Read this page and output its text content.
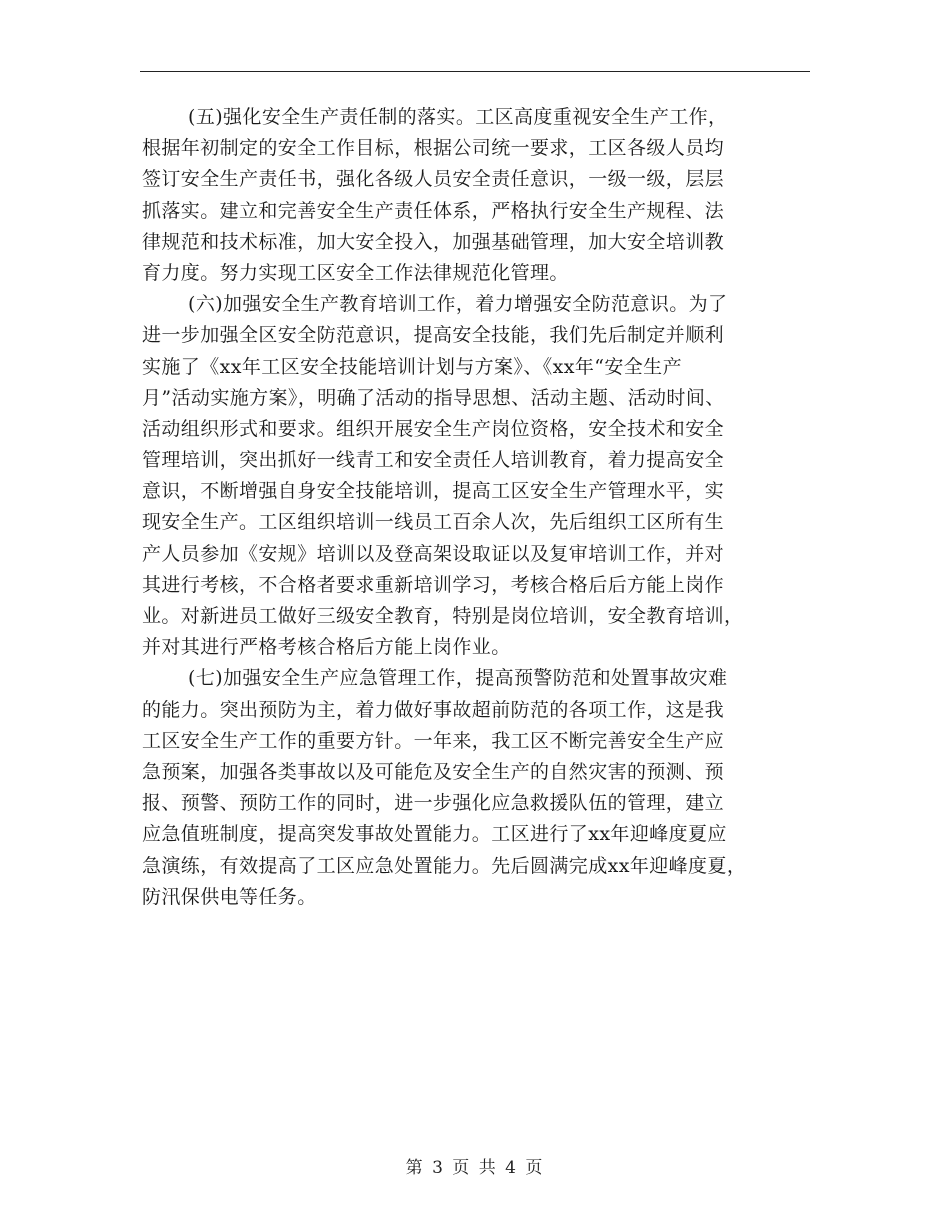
(五)强化安全生产责任制的落实。工区高度重视安全生产工作，
根据年初制定的安全工作目标，根据公司统一要求，工区各级人员均
签订安全生产责任书，强化各级人员安全责任意识，一级一级，层层
抓落实。建立和完善安全生产责任体系，严格执行安全生产规程、法
律规范和技术标准，加大安全投入，加强基础管理，加大安全培训教
育力度。努力实现工区安全工作法律规范化管理。
(六)加强安全生产教育培训工作，着力增强安全防范意识。为了
进一步加强全区安全防范意识，提高安全技能，我们先后制定并顺利
实施了《xx年工区安全技能培训计划与方案》、《xx年“安全生产
月”活动实施方案》，明确了活动的指导思想、活动主题、活动时间、
活动组织形式和要求。组织开展安全生产岗位资格，安全技术和安全
管理培训，突出抓好一线青工和安全责任人培训教育，着力提高安全
意识，不断增强自身安全技能培训，提高工区安全生产管理水平，实
现安全生产。工区组织培训一线员工百余人次，先后组织工区所有生
产人员参加《安规》培训以及登高架设取证以及复审培训工作，并对
其进行考核，不合格者要求重新培训学习，考核合格后后方能上岗作
业。对新进员工做好三级安全教育，特别是岗位培训，安全教育培训，
并对其进行严格考核合格后方能上岗作业。
(七)加强安全生产应急管理工作，提高预警防范和处置事故灾难
的能力。突出预防为主，着力做好事故超前防范的各项工作，这是我
工区安全生产工作的重要方针。一年来，我工区不断完善安全生产应
急预案，加强各类事故以及可能危及安全生产的自然灾害的预测、预
报、预警、预防工作的同时，进一步强化应急救援队伍的管理，建立
应急值班制度，提高突发事故处置能力。工区进行了xx年迎峰度夏应
急演练，有效提高了工区应急处置能力。先后圆满完成xx年迎峰度夏，
防汛保供电等任务。
第 3 页 共 4 页
